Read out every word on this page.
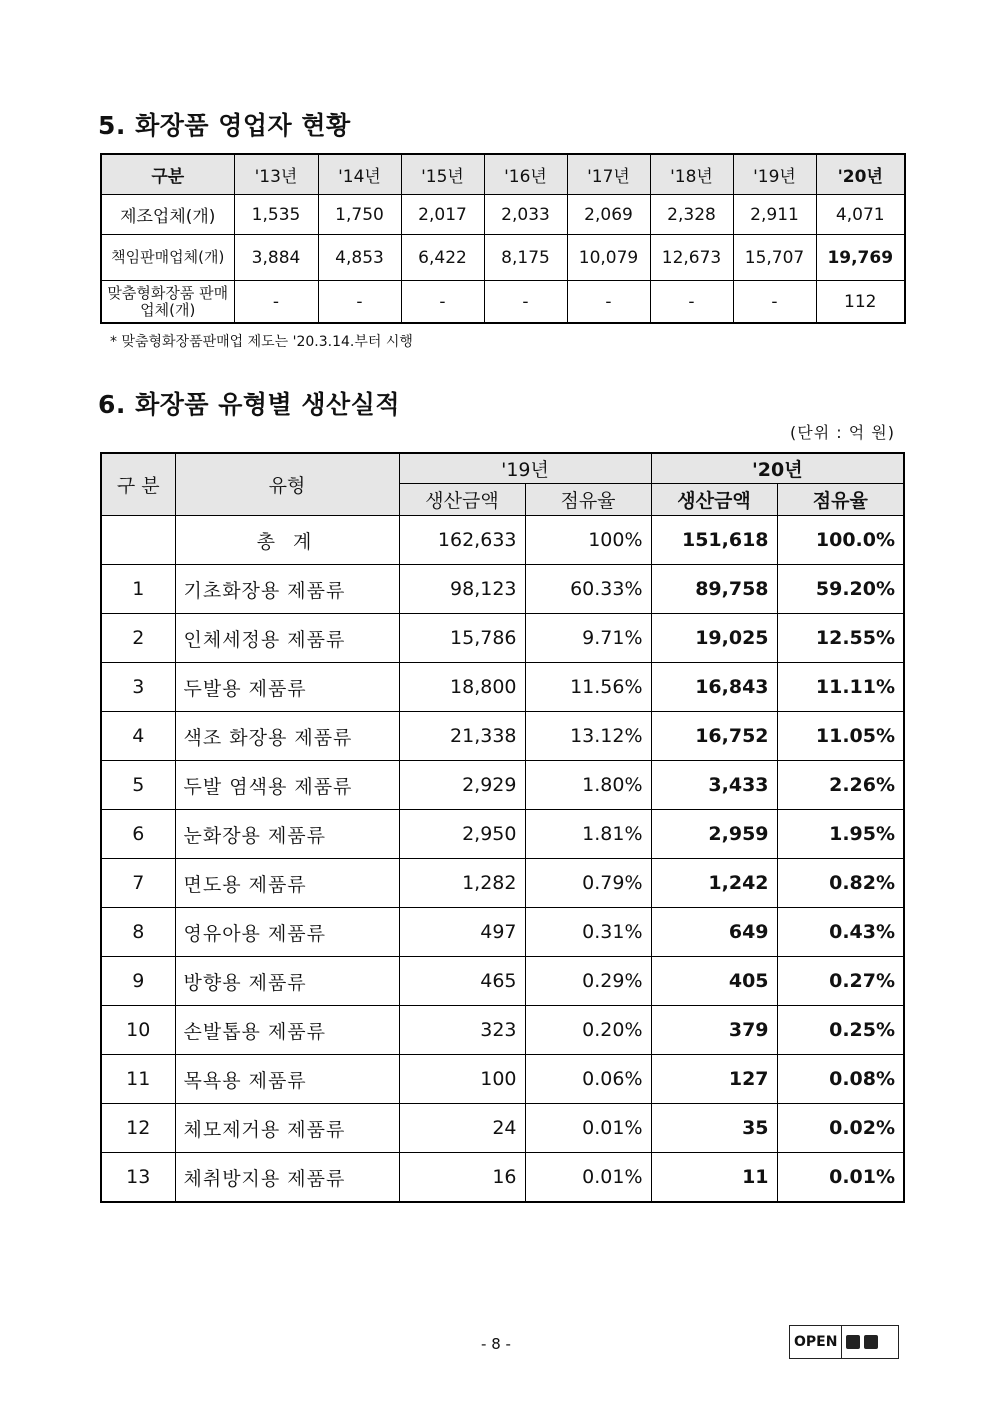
5. 화장품 영업자 현황
구분	'13년	'14년	'15년	'16년	'17년	'18년	'19년	'20년
제조업체(개)	1,535	1,750	2,017	2,033	2,069	2,328	2,911	4,071
책임판매업체(개)	3,884	4,853	6,422	8,175	10,079	12,673	15,707	19,769
맞춤형화장품 판매업체(개)	-	-	-	-	-	-	-	112
* 맞춤형화장품판매업 제도는 '20.3.14.부터 시행
6. 화장품 유형별 생산실적
(단위 : 억 원)
구 분	유형	'19년		'20년	
		생산금액	점유율	생산금액	점유율
	총 계	162,633	100%	151,618	100.0%
1	기초화장용 제품류	98,123	60.33%	89,758	59.20%
2	인체세정용 제품류	15,786	9.71%	19,025	12.55%
3	두발용 제품류	18,800	11.56%	16,843	11.11%
4	색조 화장용 제품류	21,338	13.12%	16,752	11.05%
5	두발 염색용 제품류	2,929	1.80%	3,433	2.26%
6	눈화장용 제품류	2,950	1.81%	2,959	1.95%
7	면도용 제품류	1,282	0.79%	1,242	0.82%
8	영유아용 제품류	497	0.31%	649	0.43%
9	방향용 제품류	465	0.29%	405	0.27%
10	손발톱용 제품류	323	0.20%	379	0.25%
11	목욕용 제품류	100	0.06%	127	0.08%
12	체모제거용 제품류	24	0.01%	35	0.02%
13	체취방지용 제품류	16	0.01%	11	0.01%
- 8 -	OPEN
